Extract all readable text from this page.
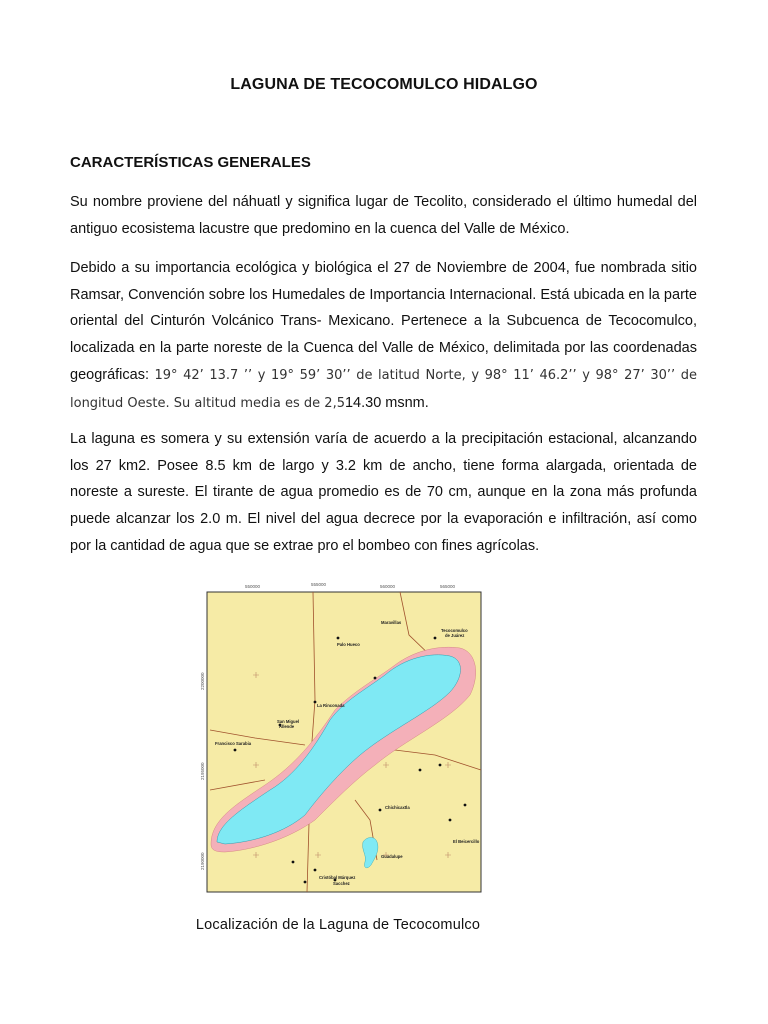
LAGUNA DE TECOCOMULCO HIDALGO
CARACTERÍSTICAS GENERALES

Su nombre proviene del náhuatl y significa lugar de Tecolito, considerado el último humedal del antiguo ecosistema lacustre que predomino en la cuenca del Valle de México.

Debido a su importancia ecológica y biológica el 27 de Noviembre de 2004, fue nombrada sitio Ramsar, Convención sobre los Humedales de Importancia Internacional. Está ubicada en la parte oriental del Cinturón Volcánico Trans- Mexicano. Pertenece a la Subcuenca de Tecocomulco, localizada en la parte noreste de la Cuenca del Valle de México, delimitada por las coordenadas geográficas: 19° 42’ 13.7 ’’ y 19° 59’ 30’’ de latitud Norte, y 98° 11’ 46.2’’ y 98° 27’ 30’’ de longitud Oeste. Su altitud media es de 2,514.30 msnm.

La laguna es somera y su extensión varía de acuerdo a la precipitación estacional, alcanzando los 27 km2. Posee 8.5 km de largo y 3.2 km de ancho, tiene forma alargada, orientada de noreste a sureste. El tirante de agua promedio es de 70 cm, aunque en la zona más profunda puede alcanzar los 2.0 m. El nivel del agua decrece por la evaporación e infiltración, así como por la cantidad de agua que se extrae pro el bombeo con fines agrícolas.

550000	555000	560000	565000
2200000
2195000
2190000
Maravillas
Tecocomulco
de Juárez
Palo Hueco
La Rinconada
San Miguel
Allende
Francisco Sarabia
Chichicaxtla
El Beicercillo
Guadalupe
Cristóbal Márquez
Sacchez
Localización de la Laguna de Tecocomulco
